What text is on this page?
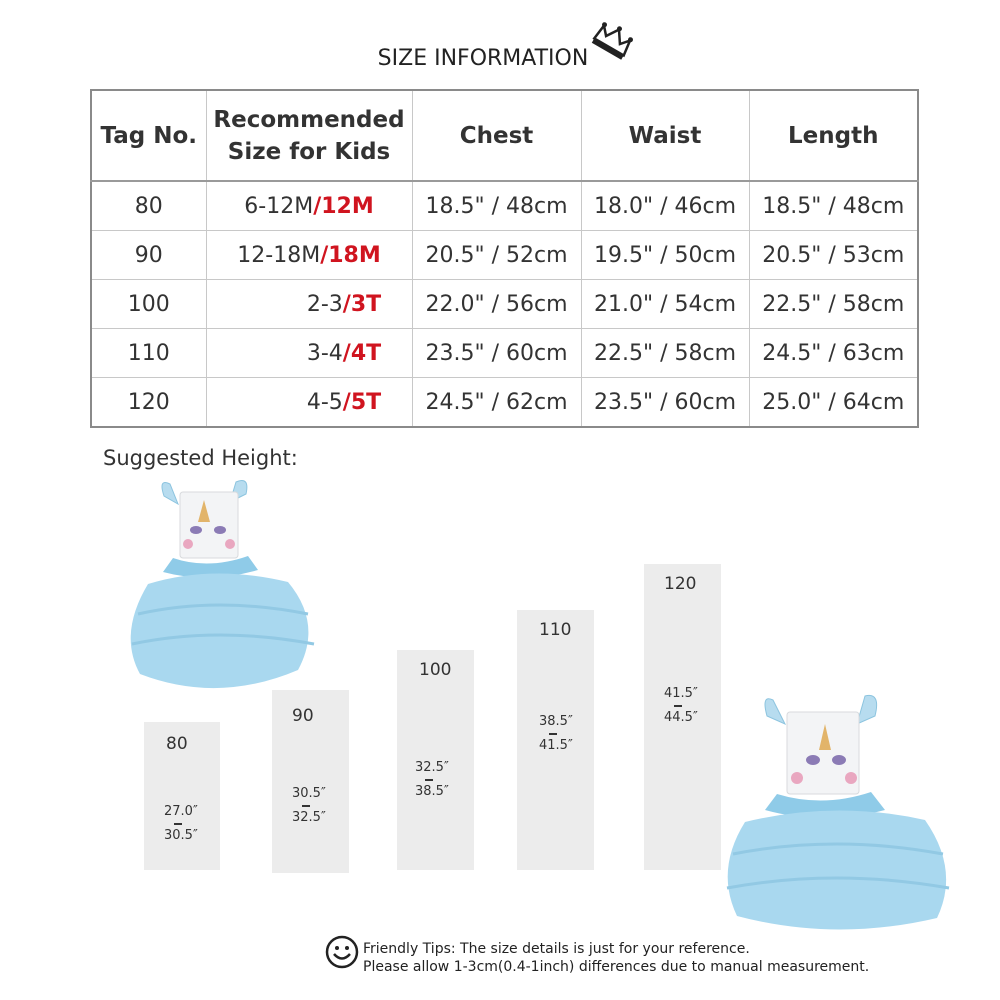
SIZE INFORMATION
Tag No.	Recommended
Size for Kids	Chest	Waist	Length
80	6-12M/12M	18.5" / 48cm	18.0" / 46cm	18.5" / 48cm
90	12-18M/18M	20.5" / 52cm	19.5" / 50cm	20.5" / 53cm
100	2-3/3T	22.0" / 56cm	21.0" / 54cm	22.5" / 58cm
110	3-4/4T	23.5" / 60cm	22.5" / 58cm	24.5" / 63cm
120	4-5/5T	24.5" / 62cm	23.5" / 60cm	25.0" / 64cm
Suggested Height:
80
27.0″
30.5″
90
30.5″
32.5″
100
32.5″
38.5″
110
38.5″
41.5″
120
41.5″
44.5″
Friendly Tips: The size details is just for your reference.
Please allow 1-3cm(0.4-1inch) differences due to manual measurement.
